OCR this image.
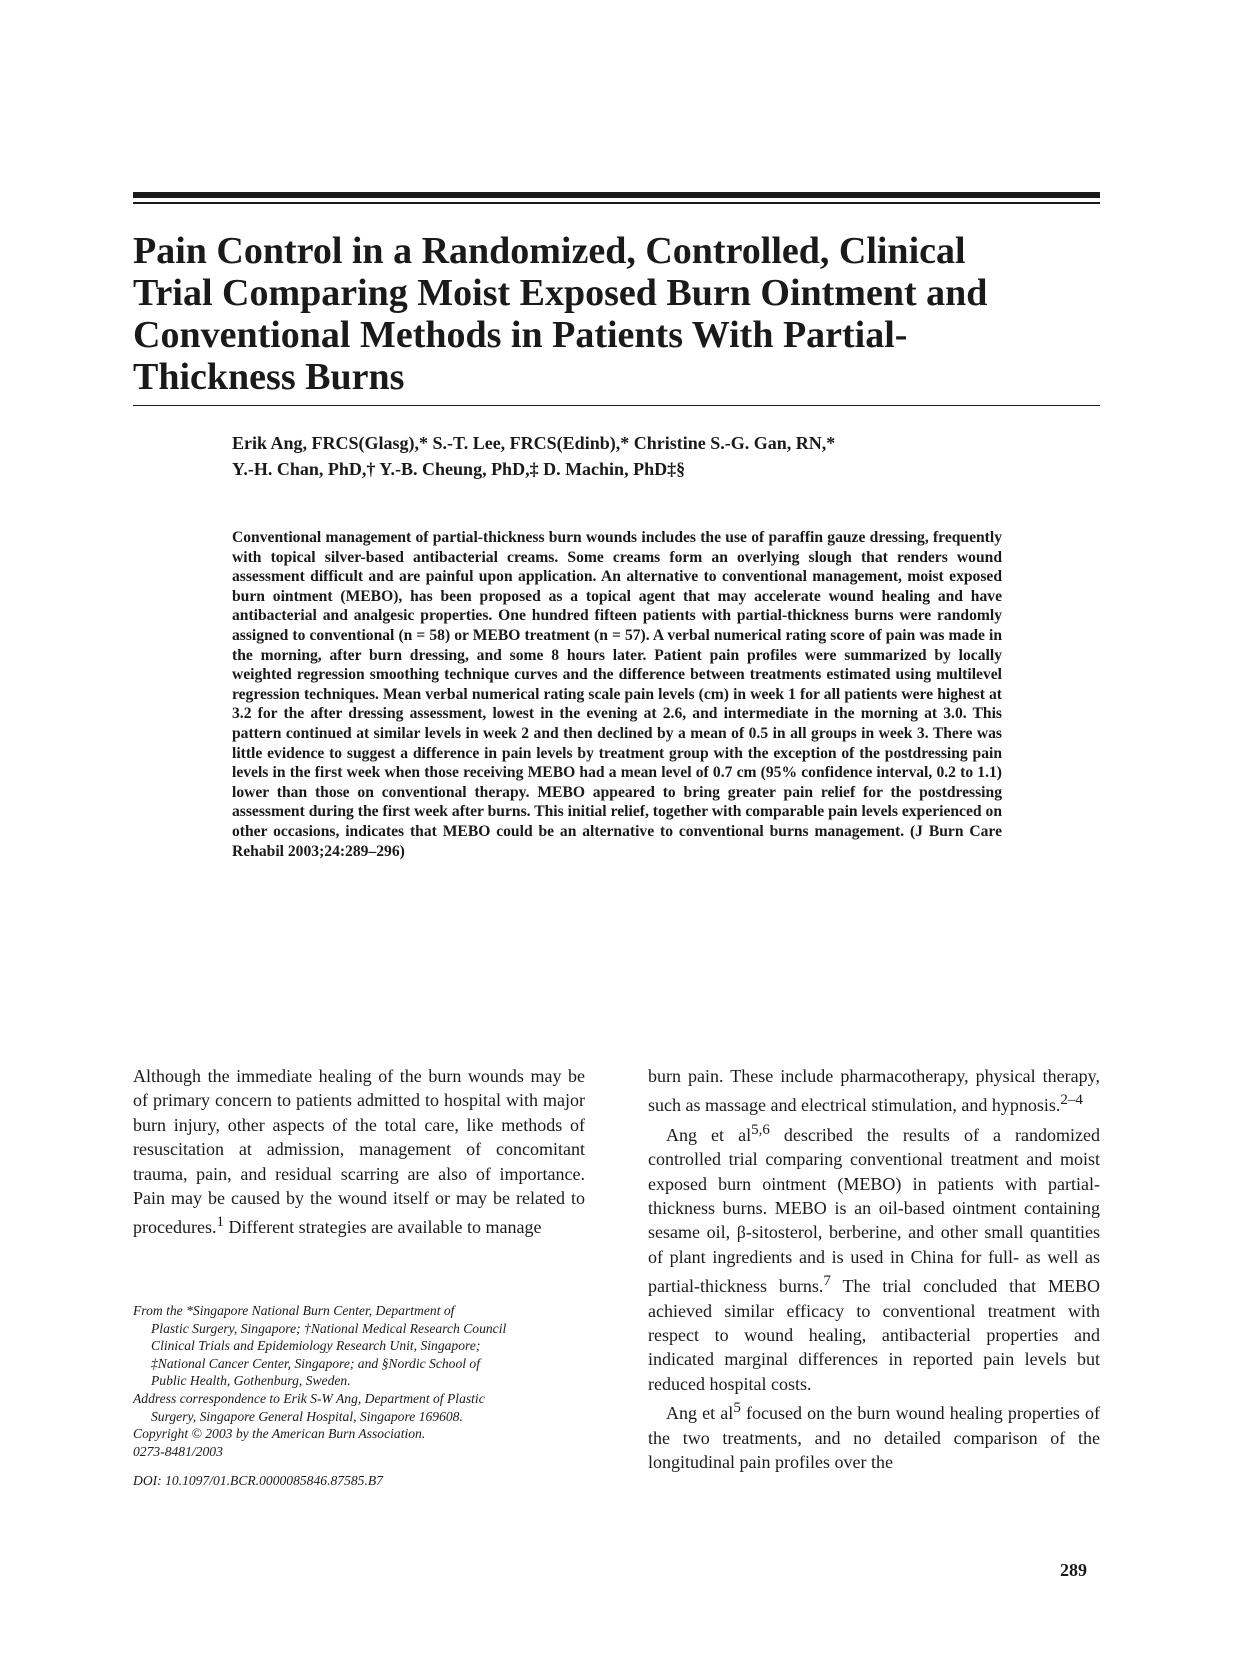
Pain Control in a Randomized, Controlled, Clinical
Trial Comparing Moist Exposed Burn Ointment and
Conventional Methods in Patients With Partial-
Thickness Burns
Erik Ang, FRCS(Glasg),* S.-T. Lee, FRCS(Edinb),* Christine S.-G. Gan, RN,*
Y.-H. Chan, PhD,† Y.-B. Cheung, PhD,‡ D. Machin, PhD‡§
Conventional management of partial-thickness burn wounds includes the use of paraffin gauze dressing, frequently with topical silver-based antibacterial creams. Some creams form an overlying slough that renders wound assessment difficult and are painful upon application. An alternative to conventional management, moist exposed burn ointment (MEBO), has been proposed as a topical agent that may accelerate wound healing and have antibacterial and analgesic properties. One hundred fifteen patients with partial-thickness burns were randomly assigned to conventional (n = 58) or MEBO treatment (n = 57). A verbal numerical rating score of pain was made in the morning, after burn dressing, and some 8 hours later. Patient pain profiles were summarized by locally weighted regression smoothing technique curves and the difference between treatments estimated using multilevel regression techniques. Mean verbal numerical rating scale pain levels (cm) in week 1 for all patients were highest at 3.2 for the after dressing assessment, lowest in the evening at 2.6, and intermediate in the morning at 3.0. This pattern continued at similar levels in week 2 and then declined by a mean of 0.5 in all groups in week 3. There was little evidence to suggest a difference in pain levels by treatment group with the exception of the postdressing pain levels in the first week when those receiving MEBO had a mean level of 0.7 cm (95% confidence interval, 0.2 to 1.1) lower than those on conventional therapy. MEBO appeared to bring greater pain relief for the postdressing assessment during the first week after burns. This initial relief, together with comparable pain levels experienced on other occasions, indicates that MEBO could be an alternative to conventional burns management. (J Burn Care Rehabil 2003;24:289–296)

Although the immediate healing of the burn wounds may be of primary concern to patients admitted to hospital with major burn injury, other aspects of the total care, like methods of resuscitation at admission, management of concomitant trauma, pain, and residual scarring are also of importance. Pain may be caused by the wound itself or may be related to procedures.$^1$ Different strategies are available to manage

burn pain. These include pharmacotherapy, physical therapy, such as massage and electrical stimulation, and hypnosis.$^{2-4}$

Ang et al$^{5,6}$ described the results of a randomized controlled trial comparing conventional treatment and moist exposed burn ointment (MEBO) in patients with partial-thickness burns. MEBO is an oil-based ointment containing sesame oil, β-sitosterol, berberine, and other small quantities of plant ingredients and is used in China for full- as well as partial-thickness burns.$^7$ The trial concluded that MEBO achieved similar efficacy to conventional treatment with respect to wound healing, antibacterial properties and indicated marginal differences in reported pain levels but reduced hospital costs.

Ang et $al^5$ focused on the burn wound healing properties of the two treatments, and no detailed comparison of the longitudinal pain profiles over the

From the *Singapore National Burn Center, Department of
Plastic Surgery, Singapore; †National Medical Research Council
Clinical Trials and Epidemiology Research Unit, Singapore;
‡National Cancer Center, Singapore; and §Nordic School of
Public Health, Gothenburg, Sweden.
Address correspondence to Erik S-W Ang, Department of Plastic
Surgery, Singapore General Hospital, Singapore 169608.
Copyright © 2003 by the American Burn Association.
0273-8481/2003
DOI: 10.1097/01.BCR.0000085846.87585.B7
289
